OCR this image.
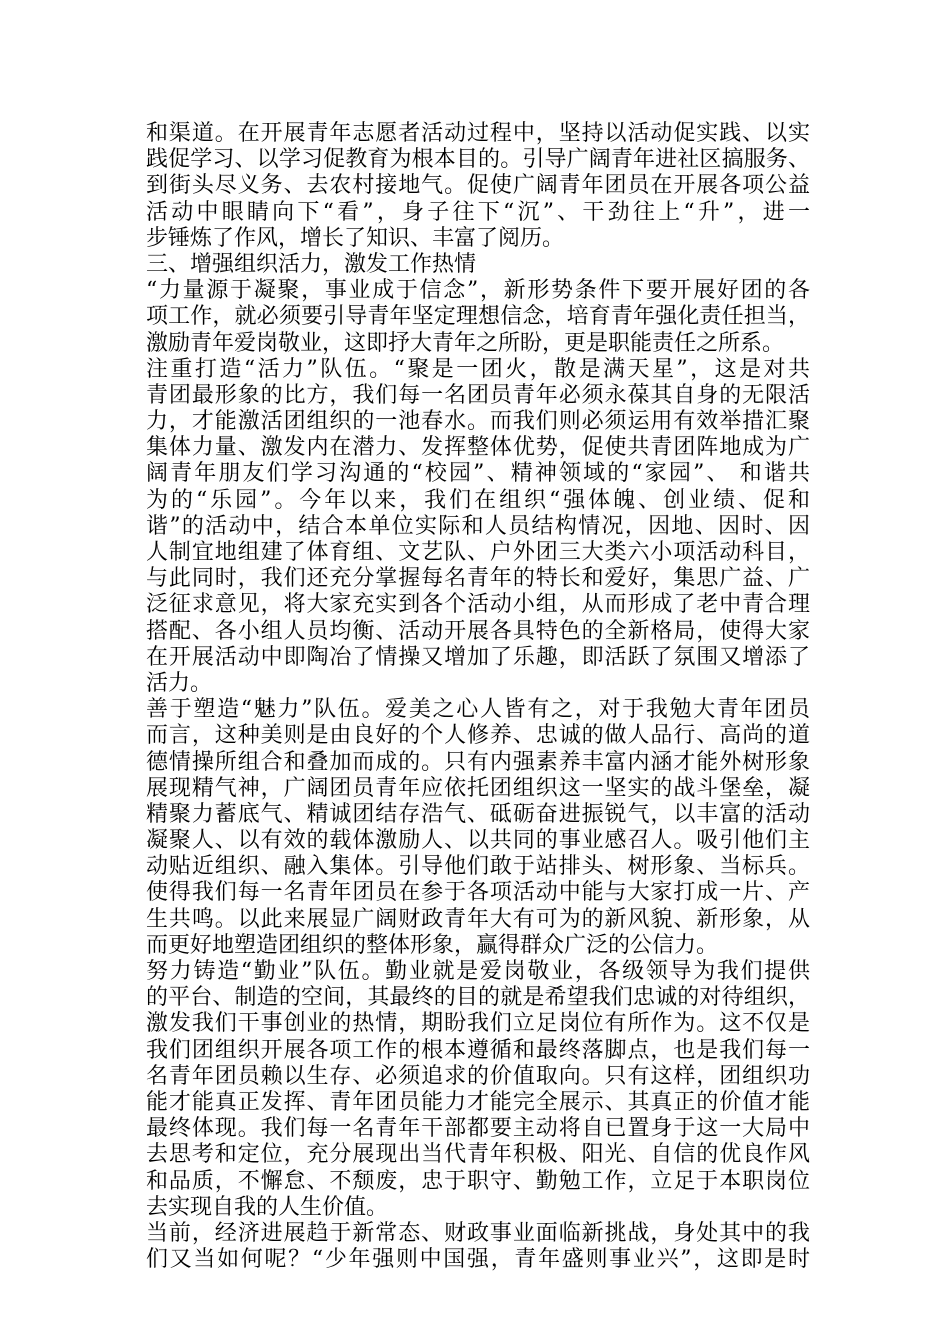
和渠道。在开展青年志愿者活动过程中，坚持以活动促实践、以实
践促学习、以学习促教育为根本目的。引导广阔青年进社区搞服务、
到街头尽义务、去农村接地气。促使广阔青年团员在开展各项公益
活动中眼睛向下“看”，身子往下“沉”、干劲往上“升”，进一
步锤炼了作风，增长了知识、丰富了阅历。
三、增强组织活力，激发工作热情
“力量源于凝聚，事业成于信念”，新形势条件下要开展好团的各
项工作，就必须要引导青年坚定理想信念，培育青年强化责任担当，
激励青年爱岗敬业，这即抒大青年之所盼，更是职能责任之所系。
注重打造“活力”队伍。“聚是一团火，散是满天星”，这是对共
青团最形象的比方，我们每一名团员青年必须永葆其自身的无限活
力，才能激活团组织的一池春水。而我们则必须运用有效举措汇聚
集体力量、激发内在潜力、发挥整体优势，促使共青团阵地成为广
阔青年朋友们学习沟通的“校园”、精神领域的“家园”、 和谐共
为的“乐园”。今年以来，我们在组织“强体魄、创业绩、促和
谐”的活动中，结合本单位实际和人员结构情况，因地、因时、因
人制宜地组建了体育组、文艺队、户外团三大类六小项活动科目，
与此同时，我们还充分掌握每名青年的特长和爱好，集思广益、广
泛征求意见，将大家充实到各个活动小组，从而形成了老中青合理
搭配、各小组人员均衡、活动开展各具特色的全新格局，使得大家
在开展活动中即陶冶了情操又增加了乐趣，即活跃了氛围又增添了
活力。
善于塑造“魅力”队伍。爱美之心人皆有之，对于我勉大青年团员
而言，这种美则是由良好的个人修养、忠诚的做人品行、高尚的道
德情操所组合和叠加而成的。只有内强素养丰富内涵才能外树形象
展现精气神，广阔团员青年应依托团组织这一坚实的战斗堡垒，凝
精聚力蓄底气、精诚团结存浩气、砥砺奋进振锐气，以丰富的活动
凝聚人、以有效的载体激励人、以共同的事业感召人。吸引他们主
动贴近组织、融入集体。引导他们敢于站排头、树形象、当标兵。
使得我们每一名青年团员在参于各项活动中能与大家打成一片、产
生共鸣。以此来展显广阔财政青年大有可为的新风貌、新形象，从
而更好地塑造团组织的整体形象，赢得群众广泛的公信力。
努力铸造“勤业”队伍。勤业就是爱岗敬业，各级领导为我们提供
的平台、制造的空间，其最终的目的就是希望我们忠诚的对待组织，
激发我们干事创业的热情，期盼我们立足岗位有所作为。这不仅是
我们团组织开展各项工作的根本遵循和最终落脚点，也是我们每一
名青年团员赖以生存、必须追求的价值取向。只有这样，团组织功
能才能真正发挥、青年团员能力才能完全展示、其真正的价值才能
最终体现。我们每一名青年干部都要主动将自已置身于这一大局中
去思考和定位，充分展现出当代青年积极、阳光、自信的优良作风
和品质，不懈怠、不颓废，忠于职守、勤勉工作，立足于本职岗位
去实现自我的人生价值。
当前，经济进展趋于新常态、财政事业面临新挑战，身处其中的我
们又当如何呢？“少年强则中国强，青年盛则事业兴”，这即是时
